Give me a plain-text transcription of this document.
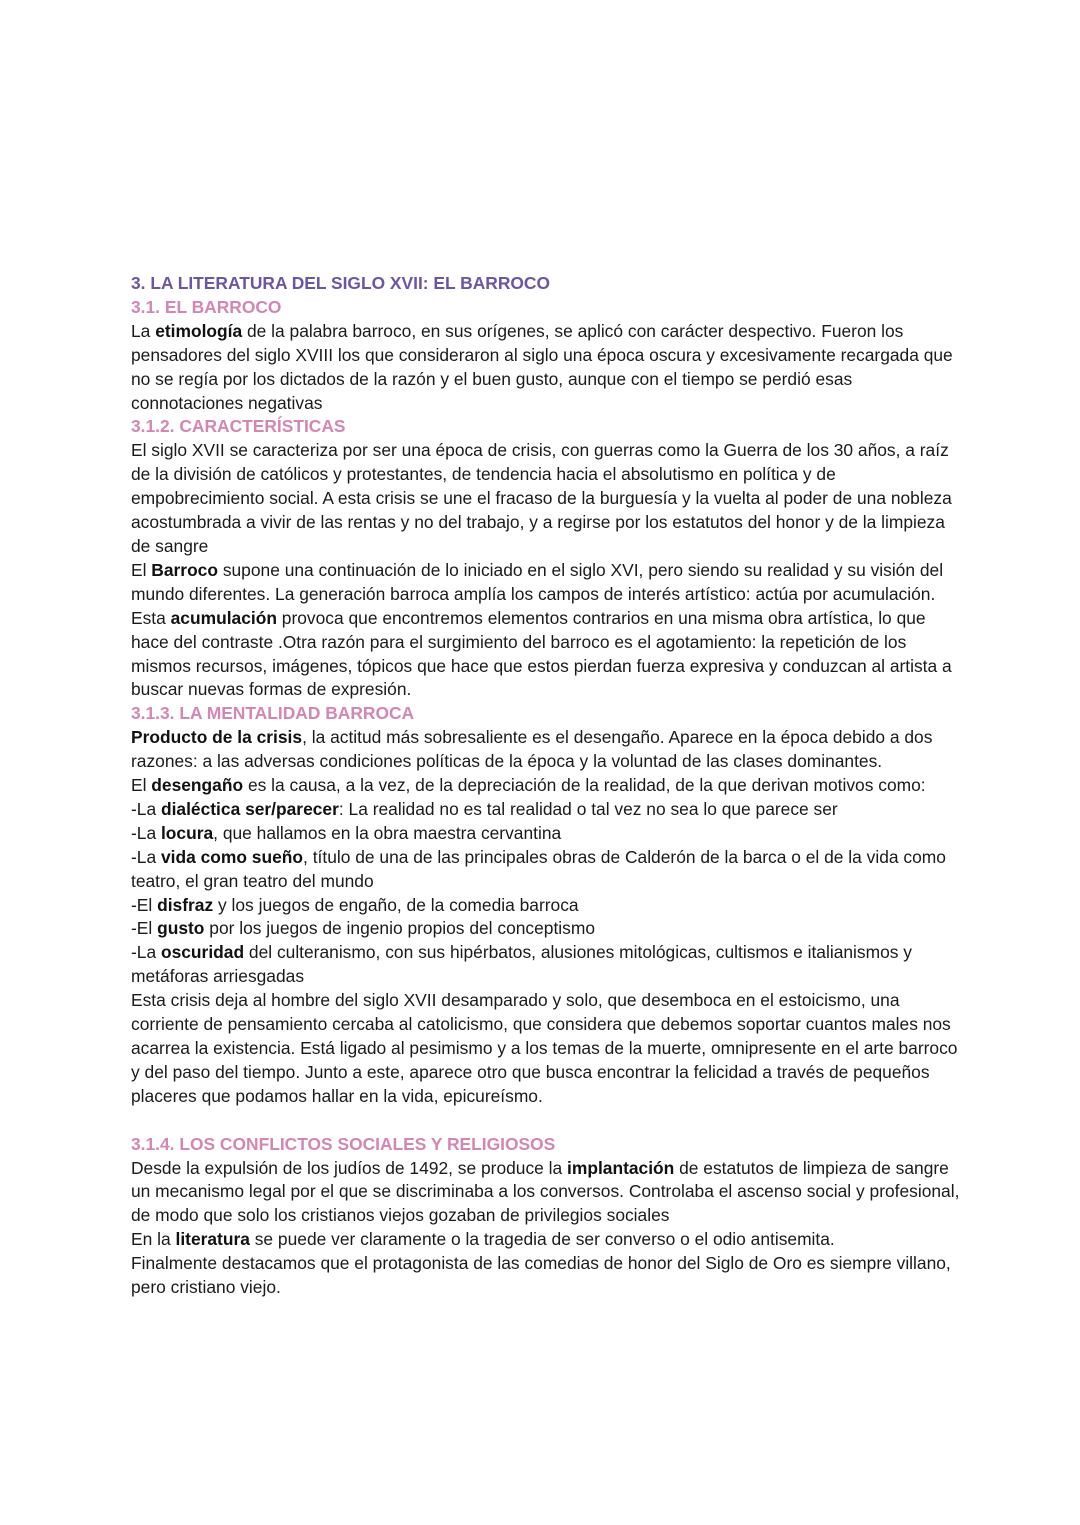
3. LA LITERATURA DEL SIGLO XVII: EL BARROCO
3.1. EL BARROCO

La etimología de la palabra barroco, en sus orígenes, se aplicó con carácter despectivo. Fueron los pensadores del siglo XVIII los que consideraron al siglo una época oscura y excesivamente recargada que no se regía por los dictados de la razón y el buen gusto, aunque con el tiempo se perdió esas connotaciones negativas

3.1.2. CARACTERÍSTICAS

El siglo XVII se caracteriza por ser una época de crisis, con guerras como la Guerra de los 30 años, a raíz de la división de católicos y protestantes, de tendencia hacia el absolutismo en política y de empobrecimiento social. A esta crisis se une el fracaso de la burguesía y la vuelta al poder de una nobleza acostumbrada a vivir de las rentas y no del trabajo, y a regirse por los estatutos del honor y de la limpieza de sangre

El Barroco supone una continuación de lo iniciado en el siglo XVI, pero siendo su realidad y su visión del mundo diferentes. La generación barroca amplía los campos de interés artístico: actúa por acumulación. Esta acumulación provoca que encontremos elementos contrarios en una misma obra artística, lo que hace del contraste .Otra razón para el surgimiento del barroco es el agotamiento: la repetición de los mismos recursos, imágenes, tópicos que hace que estos pierdan fuerza expresiva y conduzcan al artista a buscar nuevas formas de expresión.

3.1.3. LA MENTALIDAD BARROCA

Producto de la crisis, la actitud más sobresaliente es el desengaño. Aparece en la época debido a dos razones: a las adversas condiciones políticas de la época y la voluntad de las clases dominantes.

El desengaño es la causa, a la vez, de la depreciación de la realidad, de la que derivan motivos como:

-La dialéctica ser/parecer: La realidad no es tal realidad o tal vez no sea lo que parece ser

-La locura, que hallamos en la obra maestra cervantina

-La vida como sueño, título de una de las principales obras de Calderón de la barca o el de la vida como teatro, el gran teatro del mundo

-El disfraz y los juegos de engaño, de la comedia barroca

-El gusto por los juegos de ingenio propios del conceptismo

-La oscuridad del culteranismo, con sus hipérbatos, alusiones mitológicas, cultismos e italianismos y metáforas arriesgadas

Esta crisis deja al hombre del siglo XVII desamparado y solo, que desemboca en el estoicismo, una corriente de pensamiento cercaba al catolicismo, que considera que debemos soportar cuantos males nos acarrea la existencia. Está ligado al pesimismo y a los temas de la muerte, omnipresente en el arte barroco y del paso del tiempo. Junto a este, aparece otro que busca encontrar la felicidad a través de pequeños placeres que podamos hallar en la vida, epicureísmo.

3.1.4. LOS CONFLICTOS SOCIALES Y RELIGIOSOS

Desde la expulsión de los judíos de 1492, se produce la implantación de estatutos de limpieza de sangre un mecanismo legal por el que se discriminaba a los conversos. Controlaba el ascenso social y profesional, de modo que solo los cristianos viejos gozaban de privilegios sociales

En la literatura se puede ver claramente o la tragedia de ser converso o el odio antisemita.

Finalmente destacamos que el protagonista de las comedias de honor del Siglo de Oro es siempre villano, pero cristiano viejo.
